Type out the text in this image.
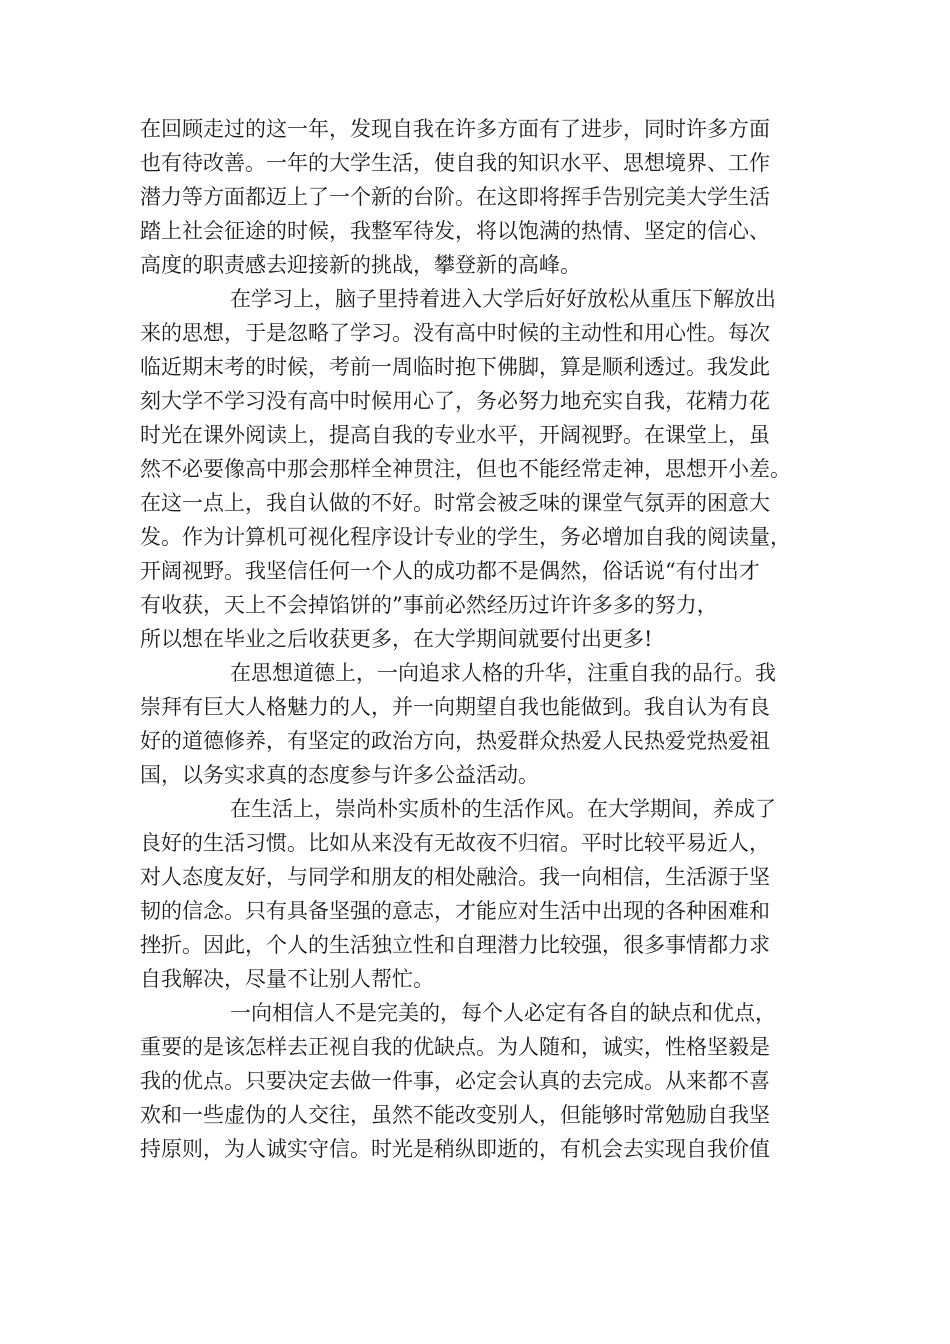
在回顾走过的这一年，发现自我在许多方面有了进步，同时许多方面
也有待改善。一年的大学生活，使自我的知识水平、思想境界、工作
潜力等方面都迈上了一个新的台阶。在这即将挥手告别完美大学生活
踏上社会征途的时候，我整军待发，将以饱满的热情、坚定的信心、
高度的职责感去迎接新的挑战，攀登新的高峰。
在学习上，脑子里持着进入大学后好好放松从重压下解放出
来的思想，于是忽略了学习。没有高中时候的主动性和用心性。每次
临近期末考的时候，考前一周临时抱下佛脚，算是顺利透过。我发此
刻大学不学习没有高中时候用心了，务必努力地充实自我，花精力花
时光在课外阅读上，提高自我的专业水平，开阔视野。在课堂上，虽
然不必要像高中那会那样全神贯注，但也不能经常走神，思想开小差。
在这一点上，我自认做的不好。时常会被乏味的课堂气氛弄的困意大
发。作为计算机可视化程序设计专业的学生，务必增加自我的阅读量，
开阔视野。我坚信任何一个人的成功都不是偶然，俗话说“有付出才
有收获，天上不会掉馅饼的”事前必然经历过许许多多的努力，
所以想在毕业之后收获更多，在大学期间就要付出更多!
在思想道德上，一向追求人格的升华，注重自我的品行。我
崇拜有巨大人格魅力的人，并一向期望自我也能做到。我自认为有良
好的道德修养，有坚定的政治方向，热爱群众热爱人民热爱党热爱祖
国，以务实求真的态度参与许多公益活动。
在生活上，崇尚朴实质朴的生活作风。在大学期间，养成了
良好的生活习惯。比如从来没有无故夜不归宿。平时比较平易近人，
对人态度友好，与同学和朋友的相处融洽。我一向相信，生活源于坚
韧的信念。只有具备坚强的意志，才能应对生活中出现的各种困难和
挫折。因此，个人的生活独立性和自理潜力比较强，很多事情都力求
自我解决，尽量不让别人帮忙。
一向相信人不是完美的，每个人必定有各自的缺点和优点，
重要的是该怎样去正视自我的优缺点。为人随和，诚实，性格坚毅是
我的优点。只要决定去做一件事，必定会认真的去完成。从来都不喜
欢和一些虚伪的人交往，虽然不能改变别人，但能够时常勉励自我坚
持原则，为人诚实守信。时光是稍纵即逝的，有机会去实现自我价值
